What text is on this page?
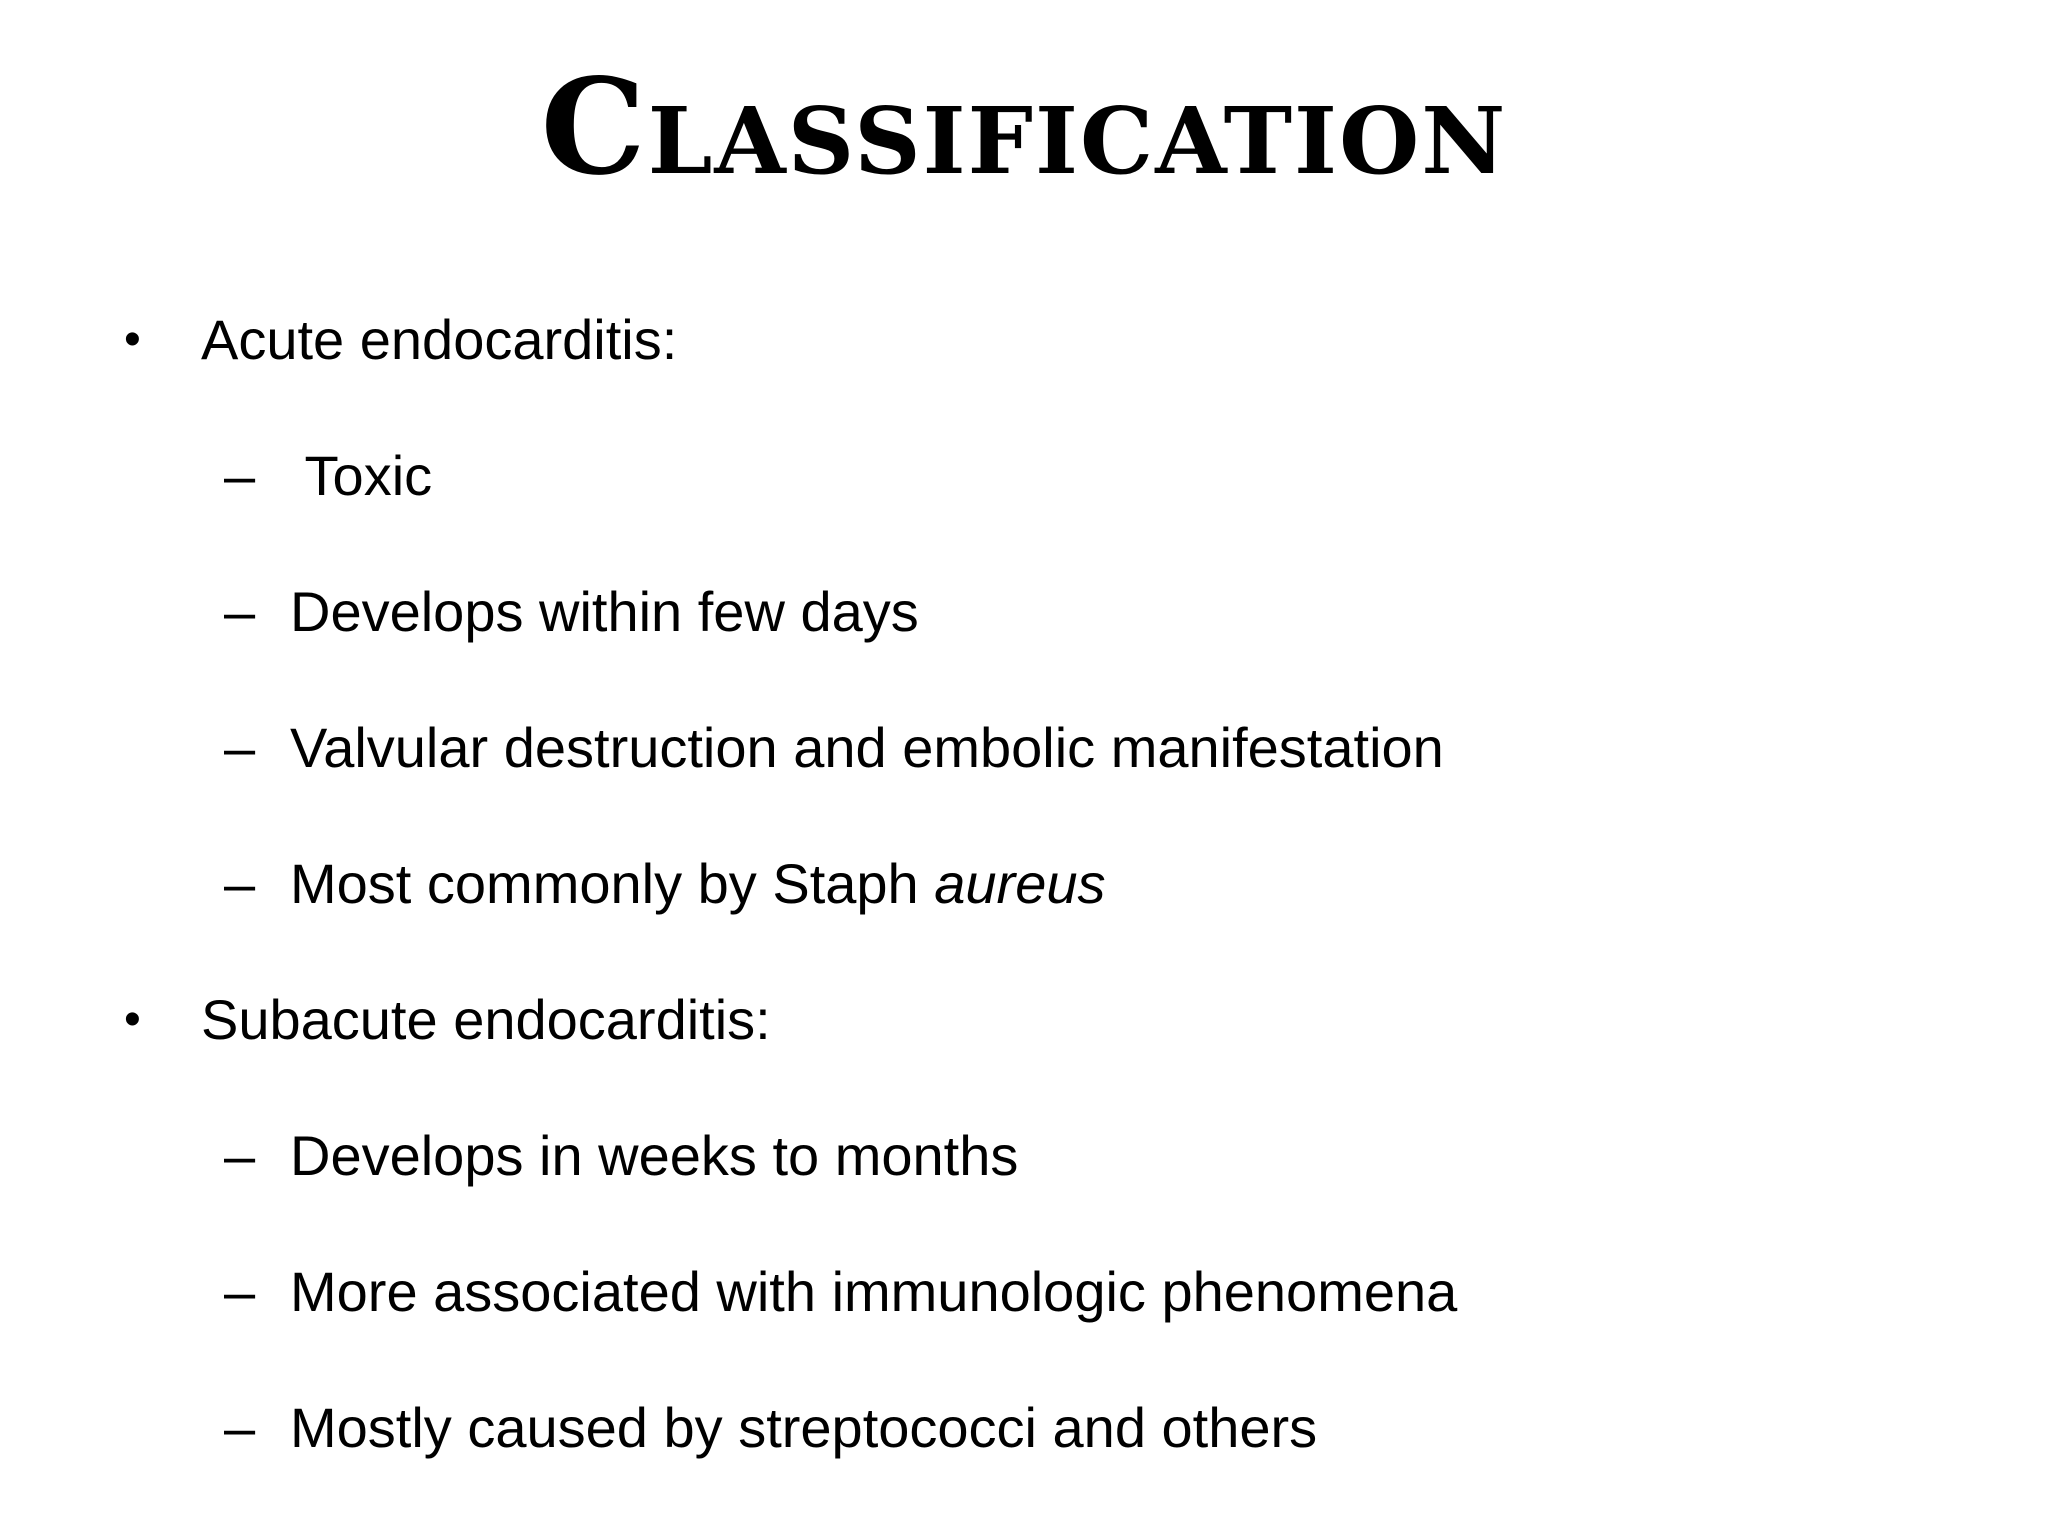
Classification
• Acute endocarditis:
– Toxic
– Develops within few days
– Valvular destruction and embolic manifestation
– Most commonly by Staph aureus
• Subacute endocarditis:
– Develops in weeks to months
– More associated with immunologic phenomena
– Mostly caused by streptococci and others
